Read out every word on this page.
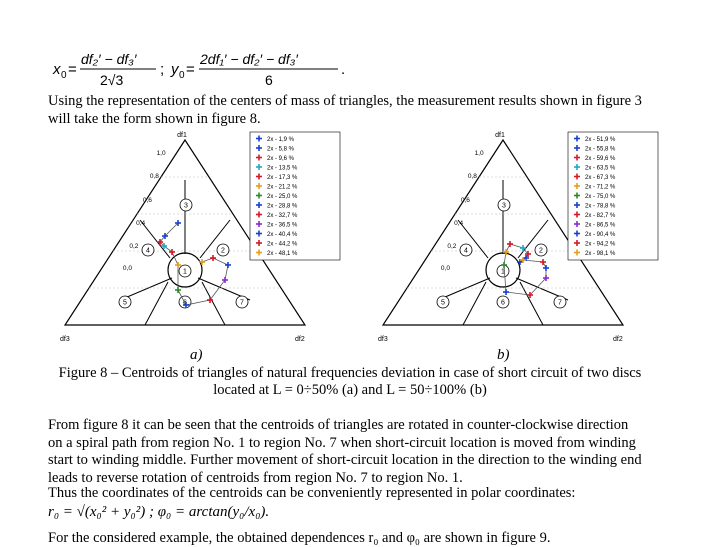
x 0 =
df₂′ − df₃′
2√3
; y 0 =
2df₁′ − df₂′ − df₃′
6
.

Using the representation of the centers of mass of triangles, the measurement results shown in figure 3 will take the form shown in figure 8.

df1
df3	df2
1,0
0,8
0,6
0,4
0,2
0,0	1
2
3
4
5	6	7
2x - 1,9 %
2x - 5,8 %
2x - 9,6 %
2x - 13,5 %
2x - 17,3 %
2x - 21,2 %
2x - 25,0 %
2x - 28,8 %
2x - 32,7 %
2x - 36,5 %
2x - 40,4 %
2x - 44,2 %
2x - 48,1 %
df1
df3	df2
1,0
0,8
0,6
0,4
0,2
0,0	1
2
3
4
5	6	7
2x - 51,9 %
2x - 55,8 %
2x - 59,6 %
2x - 63,5 %
2x - 67,3 %
2x - 71,2 %
2x - 75,0 %
2x - 78,8 %
2x - 82,7 %
2x - 86,5 %
2x - 90,4 %
2x - 94,2 %
2x - 98,1 %
a)	b)
Figure 8 – Centroids of triangles of natural frequencies deviation in case of short circuit of two discs
located at L = 0÷50% (a) and L = 50÷100% (b)
From figure 8 it can be seen that the centroids of triangles are rotated in counter-clockwise direction
on a spiral path from region No. 1 to region No. 7 when short-circuit location is moved from winding
start to winding middle. Further movement of short-circuit location in the direction to the winding end
leads to reverse rotation of centroids from region No. 7 to region No. 1.

Thus the coordinates of the centroids can be conveniently represented in polar coordinates:

r₀ = √(x₀² + y₀²) ; φ₀ = arctan(y₀/x₀).
For the considered example, the obtained dependences r₀ and φ₀ are shown in figure 9.
